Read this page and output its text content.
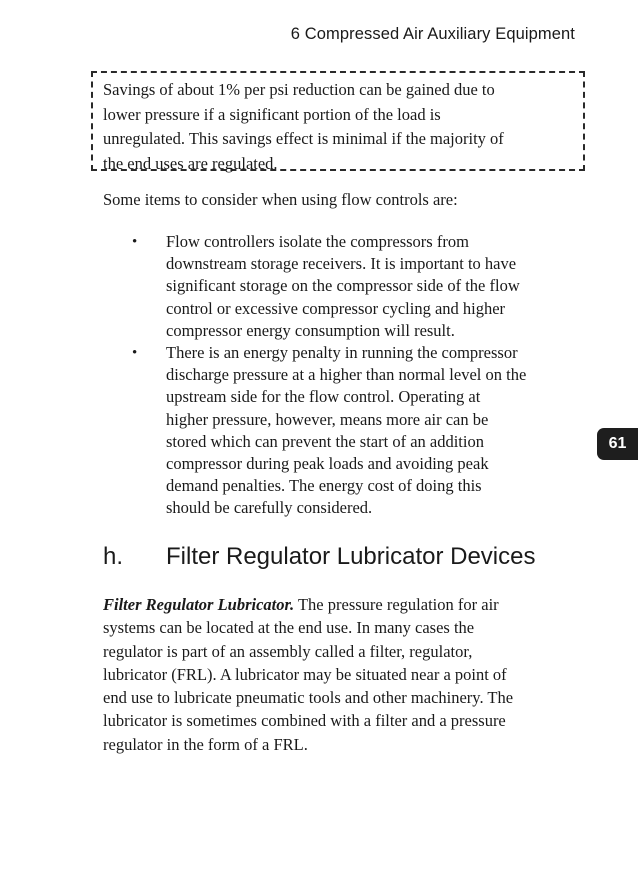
6 Compressed Air Auxiliary Equipment
Savings of about 1% per psi reduction can be gained due to
lower pressure if a significant portion of the load is
unregulated. This savings effect is minimal if the majority of
the end uses are regulated.

Some items to consider when using flow controls are:

• Flow controllers isolate the compressors from
downstream storage receivers. It is important to have
significant storage on the compressor side of the flow
control or excessive compressor cycling and higher
compressor energy consumption will result.
• There is an energy penalty in running the compressor
discharge pressure at a higher than normal level on the
upstream side for the flow control. Operating at
higher pressure, however, means more air can be
stored which can prevent the start of an addition
compressor during peak loads and avoiding peak
demand penalties. The energy cost of doing this
should be carefully considered.
h.	Filter Regulator Lubricator Devices
Filter Regulator Lubricator. The pressure regulation for air
systems can be located at the end use. In many cases the
regulator is part of an assembly called a filter, regulator,
lubricator (FRL). A lubricator may be situated near a point of
end use to lubricate pneumatic tools and other machinery. The
lubricator is sometimes combined with a filter and a pressure
regulator in the form of a FRL.
61
